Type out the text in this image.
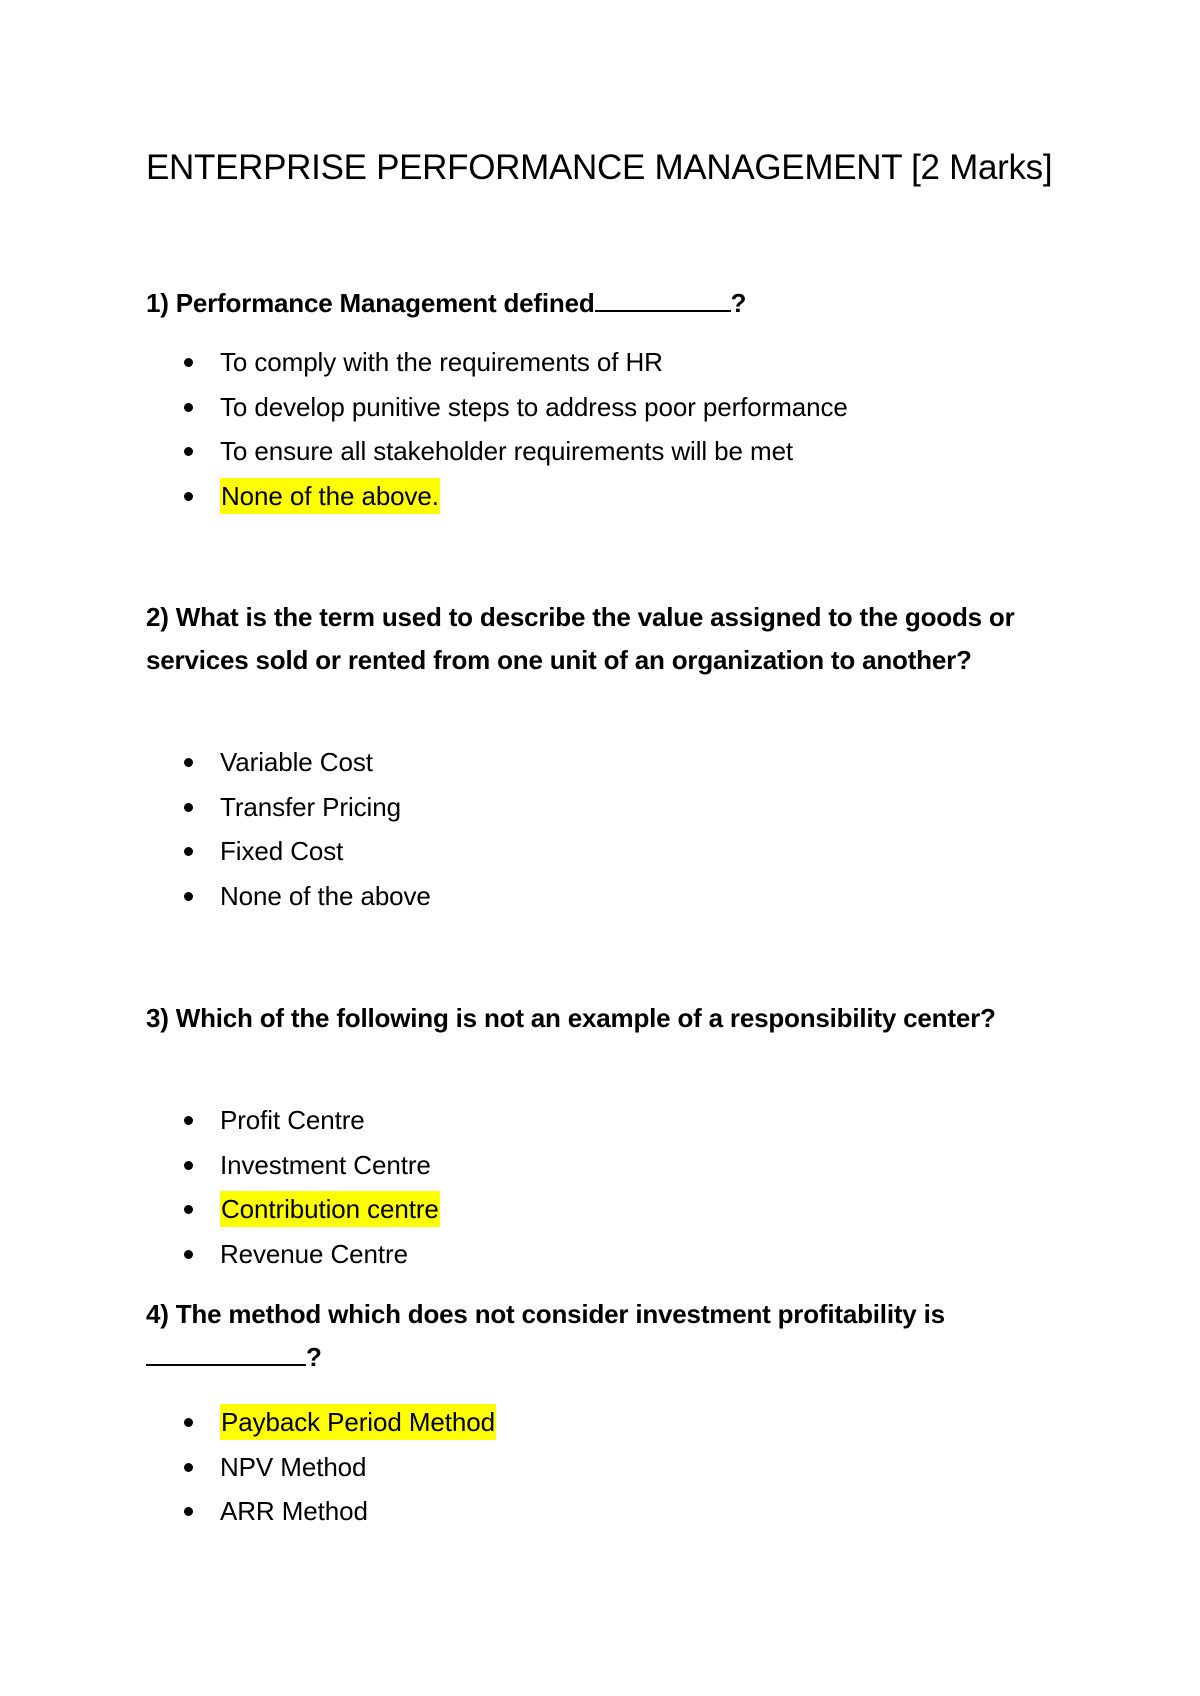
ENTERPRISE PERFORMANCE MANAGEMENT [2 Marks]
1) Performance Management defined	?
To comply with the requirements of HR
To develop punitive steps to address poor performance
To ensure all stakeholder requirements will be met
None of the above.
2) What is the term used to describe the value assigned to the goods or services sold or rented from one unit of an organization to another?
Variable Cost
Transfer Pricing
Fixed Cost
None of the above
3) Which of the following is not an example of a responsibility center?
Profit Centre
Investment Centre
Contribution centre
Revenue Centre
4) The method which does not consider investment profitability is
?
Payback Period Method
NPV Method
ARR Method
